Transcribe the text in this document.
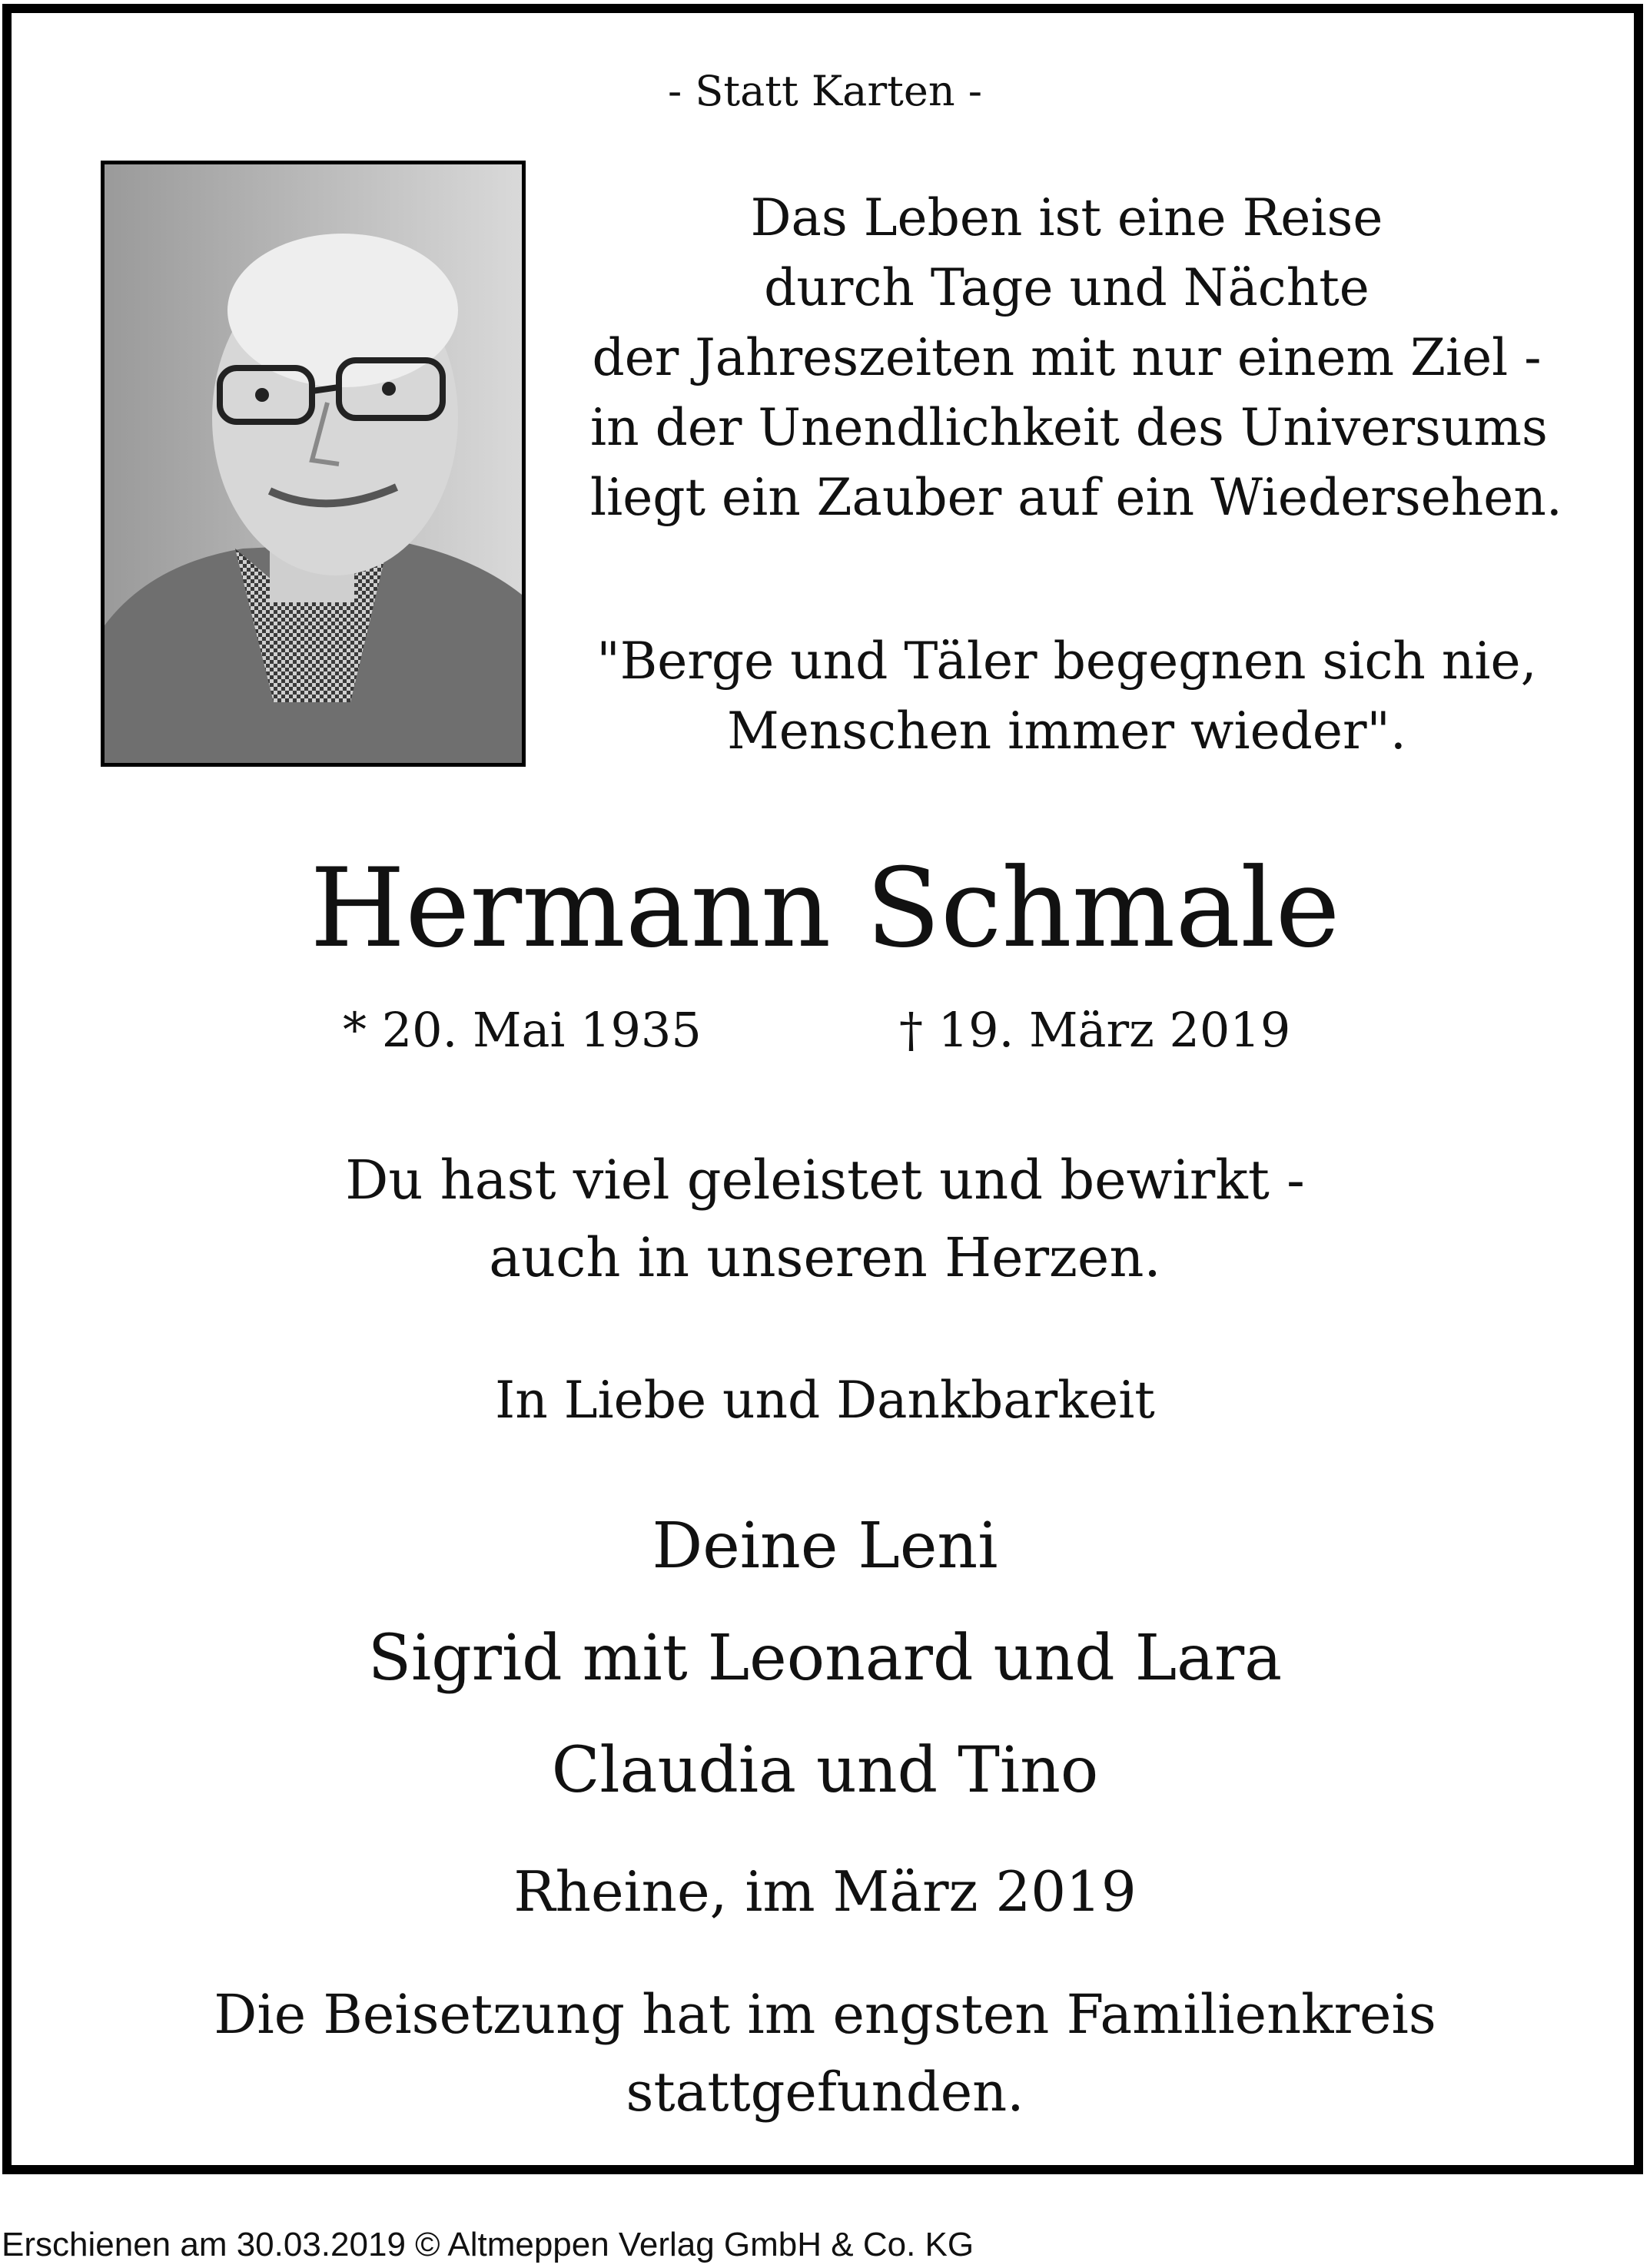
- Statt Karten -
Das Leben ist eine Reise
durch Tage und Nächte
der Jahreszeiten mit nur einem Ziel -
in der Unendlichkeit des Universums
liegt ein Zauber auf ein Wiedersehen.
"Berge und Täler begegnen sich nie,
Menschen immer wieder".
Hermann Schmale
* 20. Mai 1935	† 19. März 2019
Du hast viel geleistet und bewirkt -
auch in unseren Herzen.
In Liebe und Dankbarkeit
Deine Leni
Sigrid mit Leonard und Lara
Claudia und Tino
Rheine, im März 2019
Die Beisetzung hat im engsten Familienkreis
stattgefunden.
Erschienen am 30.03.2019 © Altmeppen Verlag GmbH & Co. KG
